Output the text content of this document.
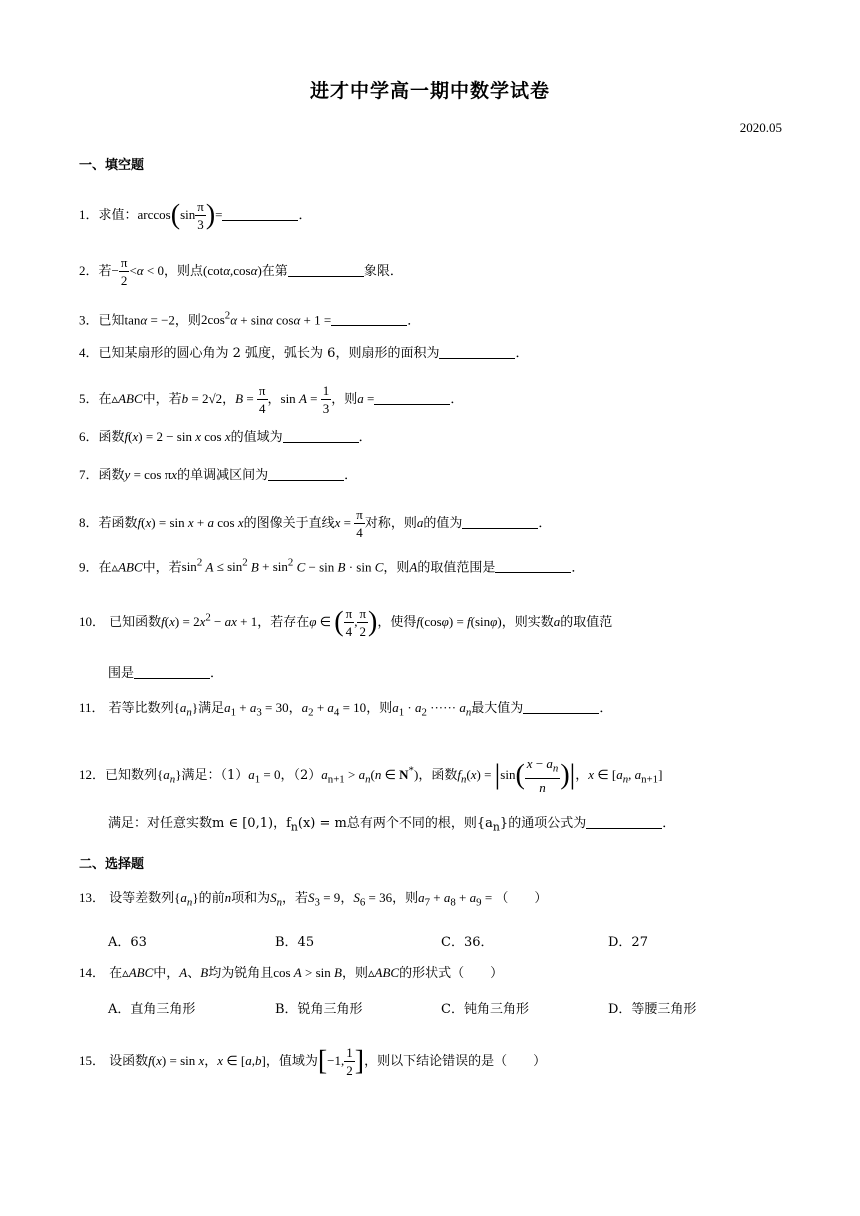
进才中学高一期中数学试卷
2020.05
一、填空题
1．求值：$\arccos(\sin \frac{\pi}{3}$ )=	．
2．若− $\frac{\pi}{2} <\alpha < 0$，则点(cotα,cosα)在第	象限．
3．已知tanα = −2，则$2\cos^2\alpha + \sin\alpha$ cosα + 1 =	．
4．已知某扇形的圆心角为 2 弧度，弧长为 6，则扇形的面积为	．
5．在▵ABC中，若b = 2√2，$B = \frac{\pi}{4}$ ，$\sin A = \frac{1}{3}$ ，则a =	．
6．函数f(x) = 2 − sin x cos x的值域为	．
7．函数y = cos πx的单调减区间为	．
8．若函数f(x) = sin x + a cos x的图像关于直线$x = \frac{\pi}{4}$ 对称，则a的值为	．
9．在▵ABC中，若$\sin^2 A \le \sin^2 B + \sin^2 C - \sin B \cdot \sin C$，则A的取值范围是	．
10． 已知函数$f(x) = 2x^2$ − ax + 1，若存在φ ∈ ( $\frac{\pi}{4}$ , $\frac{\pi}{2}$ )，使得f(cosφ) = f(sinφ)，则实数a的取值范
围是	．
11． 若等比数列$\{a_n\}$满足$a_1 + a_3 = 30$，$a_2 + a_4 = 10$，则$a_1 \cdot a_2$ ······ $a_n$最大值为	．
12．已知数列$\{a_n\}$满足：$(1)a_1 = 0$，$(2)a_{n+1} > a_n(n$ ∈ N*)，函数$f_n(x) = |\sin( \frac{x - a_n}{n}$ )|，x ∈ [$a_n$, $a_{n+1}$]
满足：对任意实数m ∈ [0,1)，$f_n(x) = m$总有两个不同的根，则$\{a_n\}$的通项公式为	．
二、选择题
13． 设等差数列$\{a_n\}$的前n项和为$S_n$，若$S_3 = 9$，$S_6 = 36$，则$a_7 + a_8 + a_9$ = （　　）
A．63	B．45	C．36．	D．27
14． 在▵ABC中，A、B均为锐角且cos A > sin B，则▵ABC的形状式（　　）
A．直角三角形	B．锐角三角形	C．钝角三角形	D．等腰三角形
15． 设函数f(x) = sin x，x ∈ [a,b]，值域为[−1, $\frac{1}{2}$ ]，则以下结论错误的是（　　）
